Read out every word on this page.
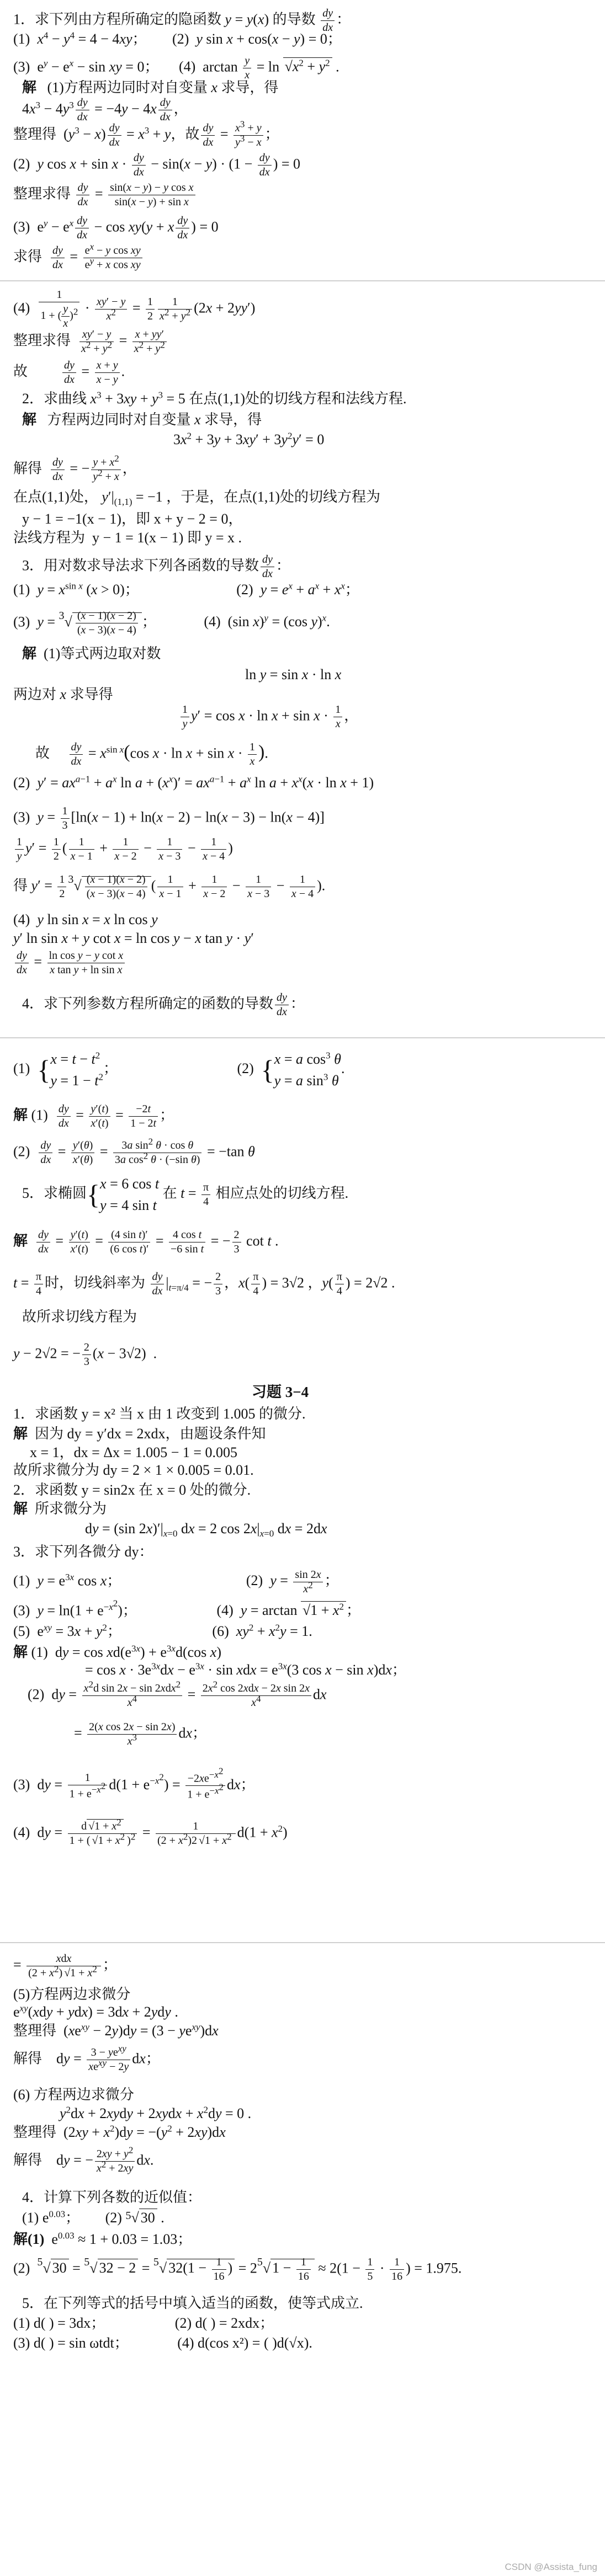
1．求下列由方程所确定的隐函数 y = y(x) 的导数 $\frac{dy}{dx}$ ：
(1) $x^4 - y^4 = 4 - 4xy$； (2) y sin x + cos(x − y) = 0；
(3)  $e^y - e^x - \sin$ xy = 0； (4)  $\arctan \frac{y}{x} = \ln √x^2 + y^2$ .
解 (1)方程两边同时对自变量 x 求导，得
$4x^3 - 4y^3 \frac{dy}{dx} = -4y - 4x \frac{dy}{dx}$ ，
整理得  $(y^3 - x) \frac{dy}{dx} = x^3 + y$，故 $\frac{dy}{dx} = \frac{x^3 + y}{y^3 - x}$ ；
(2)  y $\cos x + \sin x \cdot \frac{dy}{dx} - \sin(x - y) \cdot (1 - \frac{dy}{dx}$ ) = 0
整理求得 $\frac{dy}{dx} = \frac{\text{sin(x − y) − y cos x}}{\text{sin(x − y) + sin x}}$
(3)  $e^y - e^x \frac{dy}{dx} - \cos xy(y + x \frac{dy}{dx}$ ) = 0
求得 $\frac{dy}{dx} = \frac{e^x - y \cos xy}{e^y + x \cos xy}$
$(4) \frac{1}{1 + ( \frac{y}{x} )^2} \cdot \frac{xy' - y}{x^2} = \frac{1}{2} \frac{1}{x^2 + y^2} (2x + 2yy')$
整理求得 $\frac{xy' - y}{x^2 + y^2} = \frac{x + yy'}{x^2 + y^2}$
故	$\frac{dy}{dx} = \frac{x + y}{x - y}$ .
2．求曲线 $x^3 + 3xy + y^3 = 5$ 在点(1,1)处的切线方程和法线方程.
解 方程两边同时对自变量 x 求导，得
$3x^2 + 3y + 3xy' + 3y^2y' = 0$
解得 $\frac{dy}{dx}$ = − $\frac{y + x^2}{y^2 + x}$ ，
在点(1,1)处， $y'|_{(1,1)} = -1$ ，于是，在点(1,1)处的切线方程为
y − 1 = −1(x − 1)，即 x + y − 2 = 0，
法线方程为 y − 1 = 1(x − 1) 即 y = x .
3．用对数求导法求下列各函数的导数 $\frac{dy}{dx}$ ：
(1)  $y = x^{sin x}$ (x > 0)；	(2)  $y = e^x + a^x + x^x$；
(3)  $y = ^3√ \frac{(x - 1)(x - 2)}{(x - 3)(x - 4)}$ ；	(4)  (sin x)$^y$ = (cos y)$^x$.
解 (1)等式两边取对数
ln y = sin x · ln x
两边对 x 求导得
$\frac{1}{y} y' = \cos x \cdot \ln x + \sin x \cdot \frac{1}{x}$ ，
故 $\frac{dy}{dx} = x^{sin x}(\cos$ $x \cdot \ln x + \sin x \cdot \frac{1}{x}$ ).
(2)  $y' = ax^{a-1} + a^x$ $\ln a + (x^x)' = ax^{a-1} + a^x$ $\ln a + x^x(x \cdot \ln x + 1)$
(3)  $y = \frac{1}{3} [\ln(x - 1) + \ln(x - 2) - \ln(x - 3) - \ln(x - 4)]$
$\frac{1}{y} y' = \frac{1}{2}$ ( $\frac{1}{x - 1} + \frac{1}{x - 2} - \frac{1}{x - 3} - \frac{1}{x - 4}$ )
得 $y' = \frac{1}{2} ^3√ \frac{(x - 1)(x - 2)}{(x - 3)(x - 4)}$ ( $\frac{1}{x - 1} + \frac{1}{x - 2} - \frac{1}{x - 3} - \frac{1}{x - 4}$ ).
(4)  y ln sin x = x ln cos y
y′ ln sin x + y cot x = ln cos y − x tan y · y′
$\frac{dy}{dx} = \frac{\text{ln cos y − y cot x}}{\text{x tan y + ln sin x}}$
4．求下列参数方程所确定的函数的导数 $\frac{dy}{dx}$ ：
(1)  {$x = t - t^2$
$y = 1 - t^2$；	(2)  {x = a $\cos^3 \theta$
y = a $\sin^3 \theta$.
解 $(1) \frac{dy}{dx} = \frac{y'(t)}{x'(t)} = \frac{-2t}{1 - 2t}$ ；
$(2) \frac{dy}{dx} = \frac{y'(\theta)}{x'(\theta)} = \frac{3a \sin^2 \theta \cdot \cos \theta}{3a \cos^2 \theta \cdot (-\sin \theta)} = -\tan$ θ
5．求椭圆{x = 6 cos t
y = 4 sin t 在 $t = \frac{\pi}{4}$ 相应点处的切线方程.
解 $\frac{dy}{dx} = \frac{y'(t)}{x'(t)} = \frac{\text{(4 sin t)′}}{\text{(6 cos t)′}} = \frac{\text{4 cos t}}{\text{−6 sin t}}$ = − $\frac{2}{3}$ cot t .
$t = \frac{\pi}{4}$ 时，切线斜率为 $\frac{dy}{dx} |_{t=\pi/4}$ = − $\frac{2}{3}$ ，$x( \frac{\pi}{4}$ ) = 3√2 ，$y( \frac{\pi}{4}$ ) = 2√2 .
故所求切线方程为
y − 2√2 = − $\frac{2}{3} (x - 3√2)$  .
习题 3−4
1．求函数 y = x² 当 x 由 1 改变到 1.005 的微分.
解 因为 dy = y′dx = 2xdx，由题设条件知
x = 1，dx = Δx = 1.005 − 1 = 0.005
故所求微分为 dy = 2 × 1 × 0.005 = 0.01.
2．求函数 y = sin2x 在 x = 0 处的微分.
解 所求微分为
dy = (sin $2x)'|_{x=0}$ dx = 2 $\cos 2x|_{x=0}$ dx = 2dx
3．求下列各微分 dy：
(1)  $y = e^{3x}$ cos x；	(2)  $y = \frac{\sin 2x}{x^2}$ ；
(3)  $y = \ln(1 + e^{-x^2})$；	(4)  $y = \arctan √1 + x^2$ ；
(5)  $e^{xy} = 3x + y^2$；	(6)  $xy^2 + x^2y = 1$.
解 (1)  dy = $\cos xd(e^{3x}) + e^{3x}d(\cos$ x)
= $\cos x \cdot 3e^{3x}dx - e^{3x} \cdot \sin$ xdx = $e^{3x}(3$ cos x − sin x)dx；
(2)  dy = $x^2d$ sin 2x − sin 2xdx$^2$
$x^4$	= $2x^2$ cos 2xdx − 2x sin 2x
$x^4$	dx
= $\frac{\text{2(x cos 2x − sin 2x)}}{x^3}$ dx；
(3)  dy = $\frac{1}{1 + e^{-x^2}} d(1 + e^{-x^2}) = \frac{-2xe^{-x^2}}{1 + e^{-x^2}}$ dx；
(4)  dy = $\frac{d √1 + x^2}{1 + ( √1 + x^2 )^2} = \frac{1}{(2 + x^2)2 √1 + x^2} d(1 + x^2)$
=	xdx
$(2 + x^2)$ $√1 + x^2$ ；
(5)方程两边求微分
$e^{xy}(xdy + ydx) = 3dx + 2ydy$ .
整理得  $(xe^{xy} - 2y)dy = (3 - ye^{xy})dx$
解得    dy = $3 - ye^{xy}$
$xe^{xy} - 2y$
dx；
(6) 方程两边求微分
$y^2dx$ + 2xydy + 2xydx + $x^2dy = 0$ .
整理得  $(2xy + x^2)dy = -(y^2 + 2xy)dx$
解得    dy = − $\frac{2xy + y^2}{x^2 + 2xy}$ dx.
4．计算下列各数的近似值：
(1) $e^{0.03}$； (2) $^5$√ 30 .
解(1)  $e^{0.03} \approx 1 + 0.03 = 1.03$；
(2) $^5$√ 30 = $^5$√ 32 − 2 = $^5$√ $32(1 - \frac{1}{16}$ ) = $2^5√$ $1 - \frac{1}{16} \approx 2(1 - \frac{1}{5} \cdot \frac{1}{16}$ ) = 1.975.
5．在下列等式的括号中填入适当的函数，使等式成立.
(1) d( ) = 3dx；	(2) d( ) = 2xdx；
(3) d( ) = sin ωtdt；	(4) d(cos x²) = ( )d(√x).
CSDN @Assista_fung
